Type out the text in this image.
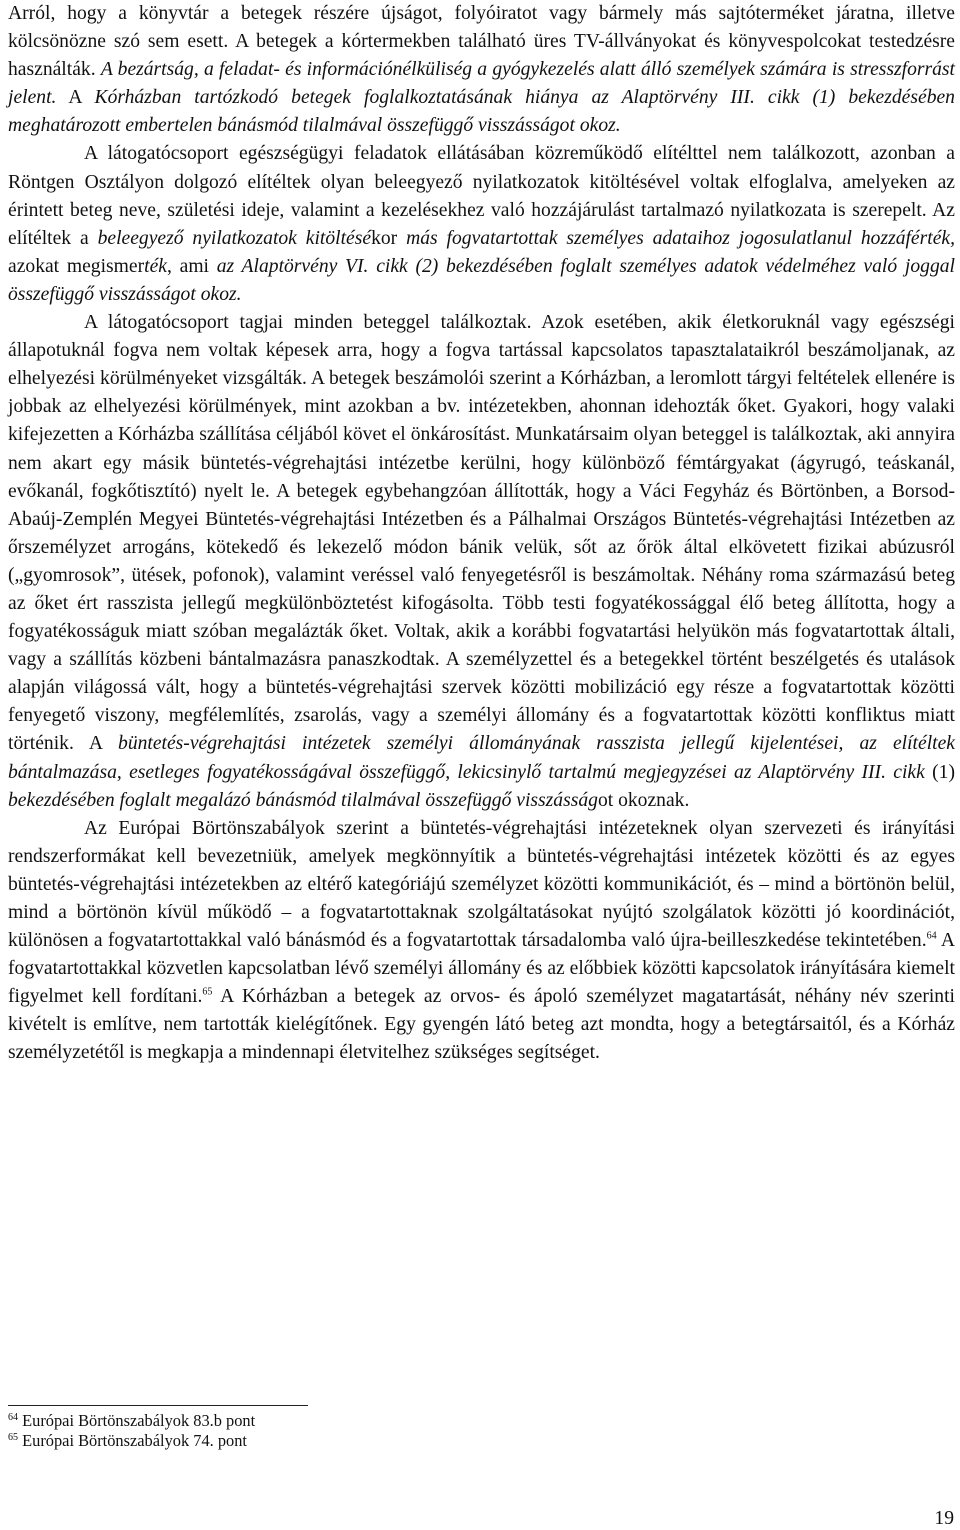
Arról, hogy a könyvtár a betegek részére újságot, folyóiratot vagy bármely más sajtóterméket járatna, illetve kölcsönözne szó sem esett. A betegek a kórtermekben található üres TV-állványokat és könyvespolcokat testedzésre használták. A bezártság, a feladat- és információnélküliség a gyógykezelés alatt álló személyek számára is stresszforrást jelent. A Kórházban tartózkodó betegek foglalkoztatásának hiánya az Alaptörvény III. cikk (1) bekezdésében meghatározott embertelen bánásmód tilalmával összefüggő visszásságot okoz.

A látogatócsoport egészségügyi feladatok ellátásában közreműködő elítélttel nem találkozott, azonban a Röntgen Osztályon dolgozó elítéltek olyan beleegyező nyilatkozatok kitöltésével voltak elfoglalva, amelyeken az érintett beteg neve, születési ideje, valamint a kezelésekhez való hozzájárulást tartalmazó nyilatkozata is szerepelt. Az elítéltek a beleegyező nyilatkozatok kitöltésékor más fogvatartottak személyes adataihoz jogosulatlanul hozzáférték, azokat megismerték, ami az Alaptörvény VI. cikk (2) bekezdésében foglalt személyes adatok védelméhez való joggal összefüggő visszásságot okoz.

A látogatócsoport tagjai minden beteggel találkoztak. Azok esetében, akik életkoruknál vagy egészségi állapotuknál fogva nem voltak képesek arra, hogy a fogva tartással kapcsolatos tapasztalataikról beszámoljanak, az elhelyezési körülményeket vizsgálták. A betegek beszámolói szerint a Kórházban, a leromlott tárgyi feltételek ellenére is jobbak az elhelyezési körülmények, mint azokban a bv. intézetekben, ahonnan idehozták őket. Gyakori, hogy valaki kifejezetten a Kórházba szállítása céljából követ el önkárosítást. Munkatársaim olyan beteggel is találkoztak, aki annyira nem akart egy másik büntetés-végrehajtási intézetbe kerülni, hogy különböző fémtárgyakat (ágyrugó, teáskanál, evőkanál, fogkőtisztító) nyelt le. A betegek egybehangzóan állították, hogy a Váci Fegyház és Börtönben, a Borsod-Abaúj-Zemplén Megyei Büntetés-végrehajtási Intézetben és a Pálhalmai Országos Büntetés-végrehajtási Intézetben az őrszemélyzet arrogáns, kötekedő és lekezelő módon bánik velük, sőt az őrök által elkövetett fizikai abúzusról („gyomrosok”, ütések, pofonok), valamint veréssel való fenyegetésről is beszámoltak. Néhány roma származású beteg az őket ért rasszista jellegű megkülönböztetést kifogásolta. Több testi fogyatékossággal élő beteg állította, hogy a fogyatékosságuk miatt szóban megalázták őket. Voltak, akik a korábbi fogvatartási helyükön más fogvatartottak általi, vagy a szállítás közbeni bántalmazásra panaszkodtak. A személyzettel és a betegekkel történt beszélgetés és utalások alapján világossá vált, hogy a büntetés-végrehajtási szervek közötti mobilizáció egy része a fogvatartottak közötti fenyegető viszony, megfélemlítés, zsarolás, vagy a személyi állomány és a fogvatartottak közötti konfliktus miatt történik. A büntetés-végrehajtási intézetek személyi állományának rasszista jellegű kijelentései, az elítéltek bántalmazása, esetleges fogyatékosságával összefüggő, lekicsinylő tartalmú megjegyzései az Alaptörvény III. cikk (1) bekezdésében foglalt megalázó bánásmód tilalmával összefüggő visszásságot okoznak.

Az Európai Börtönszabályok szerint a büntetés-végrehajtási intézeteknek olyan szervezeti és irányítási rendszerformákat kell bevezetniük, amelyek megkönnyítik a büntetés-végrehajtási intézetek közötti és az egyes büntetés-végrehajtási intézetekben az eltérő kategóriájú személyzet közötti kommunikációt, és – mind a börtönön belül, mind a börtönön kívül működő – a fogvatartottaknak szolgáltatásokat nyújtó szolgálatok közötti jó koordinációt, különösen a fogvatartottakkal való bánásmód és a fogvatartottak társadalomba való újra-beilleszkedése tekintetében.$^{64}$ A fogvatartottakkal közvetlen kapcsolatban lévő személyi állomány és az előbbiek közötti kapcsolatok irányítására kiemelt figyelmet kell fordítani.$^{65}$ A Kórházban a betegek az orvos- és ápoló személyzet magatartását, néhány név szerinti kivételt is említve, nem tartották kielégítőnek. Egy gyengén látó beteg azt mondta, hogy a betegtársaitól, és a Kórház személyzetétől is megkapja a mindennapi életvitelhez szükséges segítséget.

$^{64}$ Európai Börtönszabályok 83.b pont

$^{65}$ Európai Börtönszabályok 74. pont

19
